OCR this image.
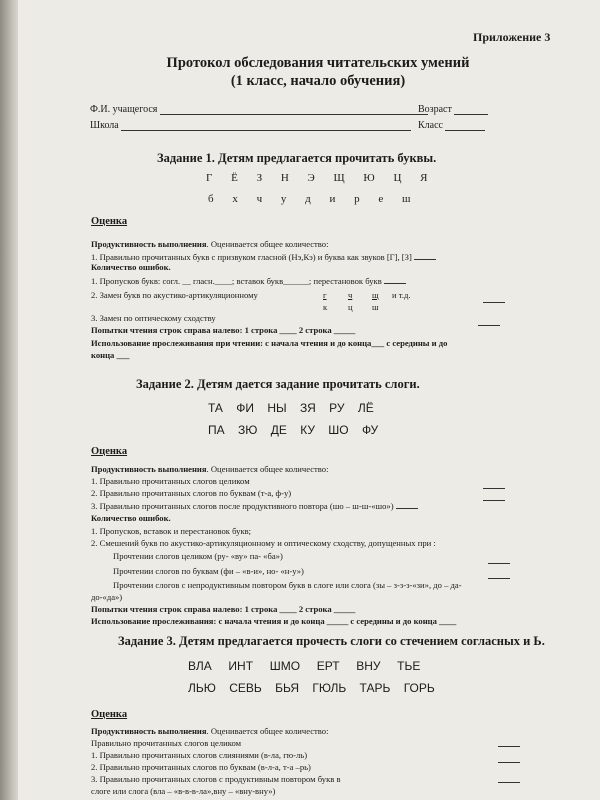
Приложение 3
Протокол обследования читательских умений
(1 класс, начало обучения)
Ф.И. учащегося	Возраст
Школа	Класс
Задание 1. Детям предлагается прочитать буквы.
Г Ё З Н Э Щ Ю Ц Я
б х ч у д и р е ш
Оценка
Продуктивность выполнения. Оценивается общее количество:
1. Правильно прочитанных букв с призвуком гласной (Нэ,Кэ) и буква как звуков [Г], [З]
Количество ошибок.
1. Пропусков букв: согл. __ гласн.____; вставок букв______; перестановок букв
2. Замен букв по акустико-артикуляционному	г ч щ и т.д.
к ц ш
3. Замен по оптическому сходству
Попытки чтения строк справа налево: 1 строка ____ 2 строка _____
Использование прослеживания при чтении: с начала чтения и до конца___ с середины и до
конца ___
Задание 2. Детям дается задание прочитать слоги.
ТА ФИ НЫ ЗЯ РУ ЛЁ
ПА ЗЮ ДЕ КУ ШО ФУ
Оценка
Продуктивность выполнения. Оценивается общее количество:
1. Правильно прочитанных слогов целиком
2. Правильно прочитанных слогов по буквам (т-а, ф-у)
3. Правильно прочитанных слогов после продуктивного повтора (шо – ш-ш-«шо»)
Количество ошибок.
1. Пропусков, вставок и перестановок букв;
2. Смешений букв по акустико-артикуляционному и оптическому сходству, допущенных при :
Прочтении слогов целиком (ру- «ву» па- «ба»)
Прочтении слогов по буквам (фи – «в-и», но- «н-у»)
Прочтении слогов с непродуктивным повтором букв в слоге или слога (зы – з-з-з-«зи», до – да-
до-«да»)
Попытки чтения строк справа налево: 1 строка ____ 2 строка _____
Использование прослеживания: с начала чтения и до конца _____ с середины и до конца ____
Задание 3. Детям предлагается прочесть слоги со стечением согласных и Ь.
ВЛА ИНТ ШМО ЕРТ ВНУ ТЬЕ
ЛЬЮ СЕВЬ БЬЯ ГЮЛЬ ТАРЬ ГОРЬ
Оценка
Продуктивность выполнения. Оценивается общее количество:
Правильно прочитанных слогов целиком
1. Правильно прочитанных слогов слияниями (в-ла, гю-ль)
2. Правильно прочитанных слогов по буквам (в-л-а, т-а –рь)
3. Правильно прочитанных слогов с продуктивным повтором букв в
слоге или слога (вла – «в-в-в-ла»,вну – «вну-вну»)
